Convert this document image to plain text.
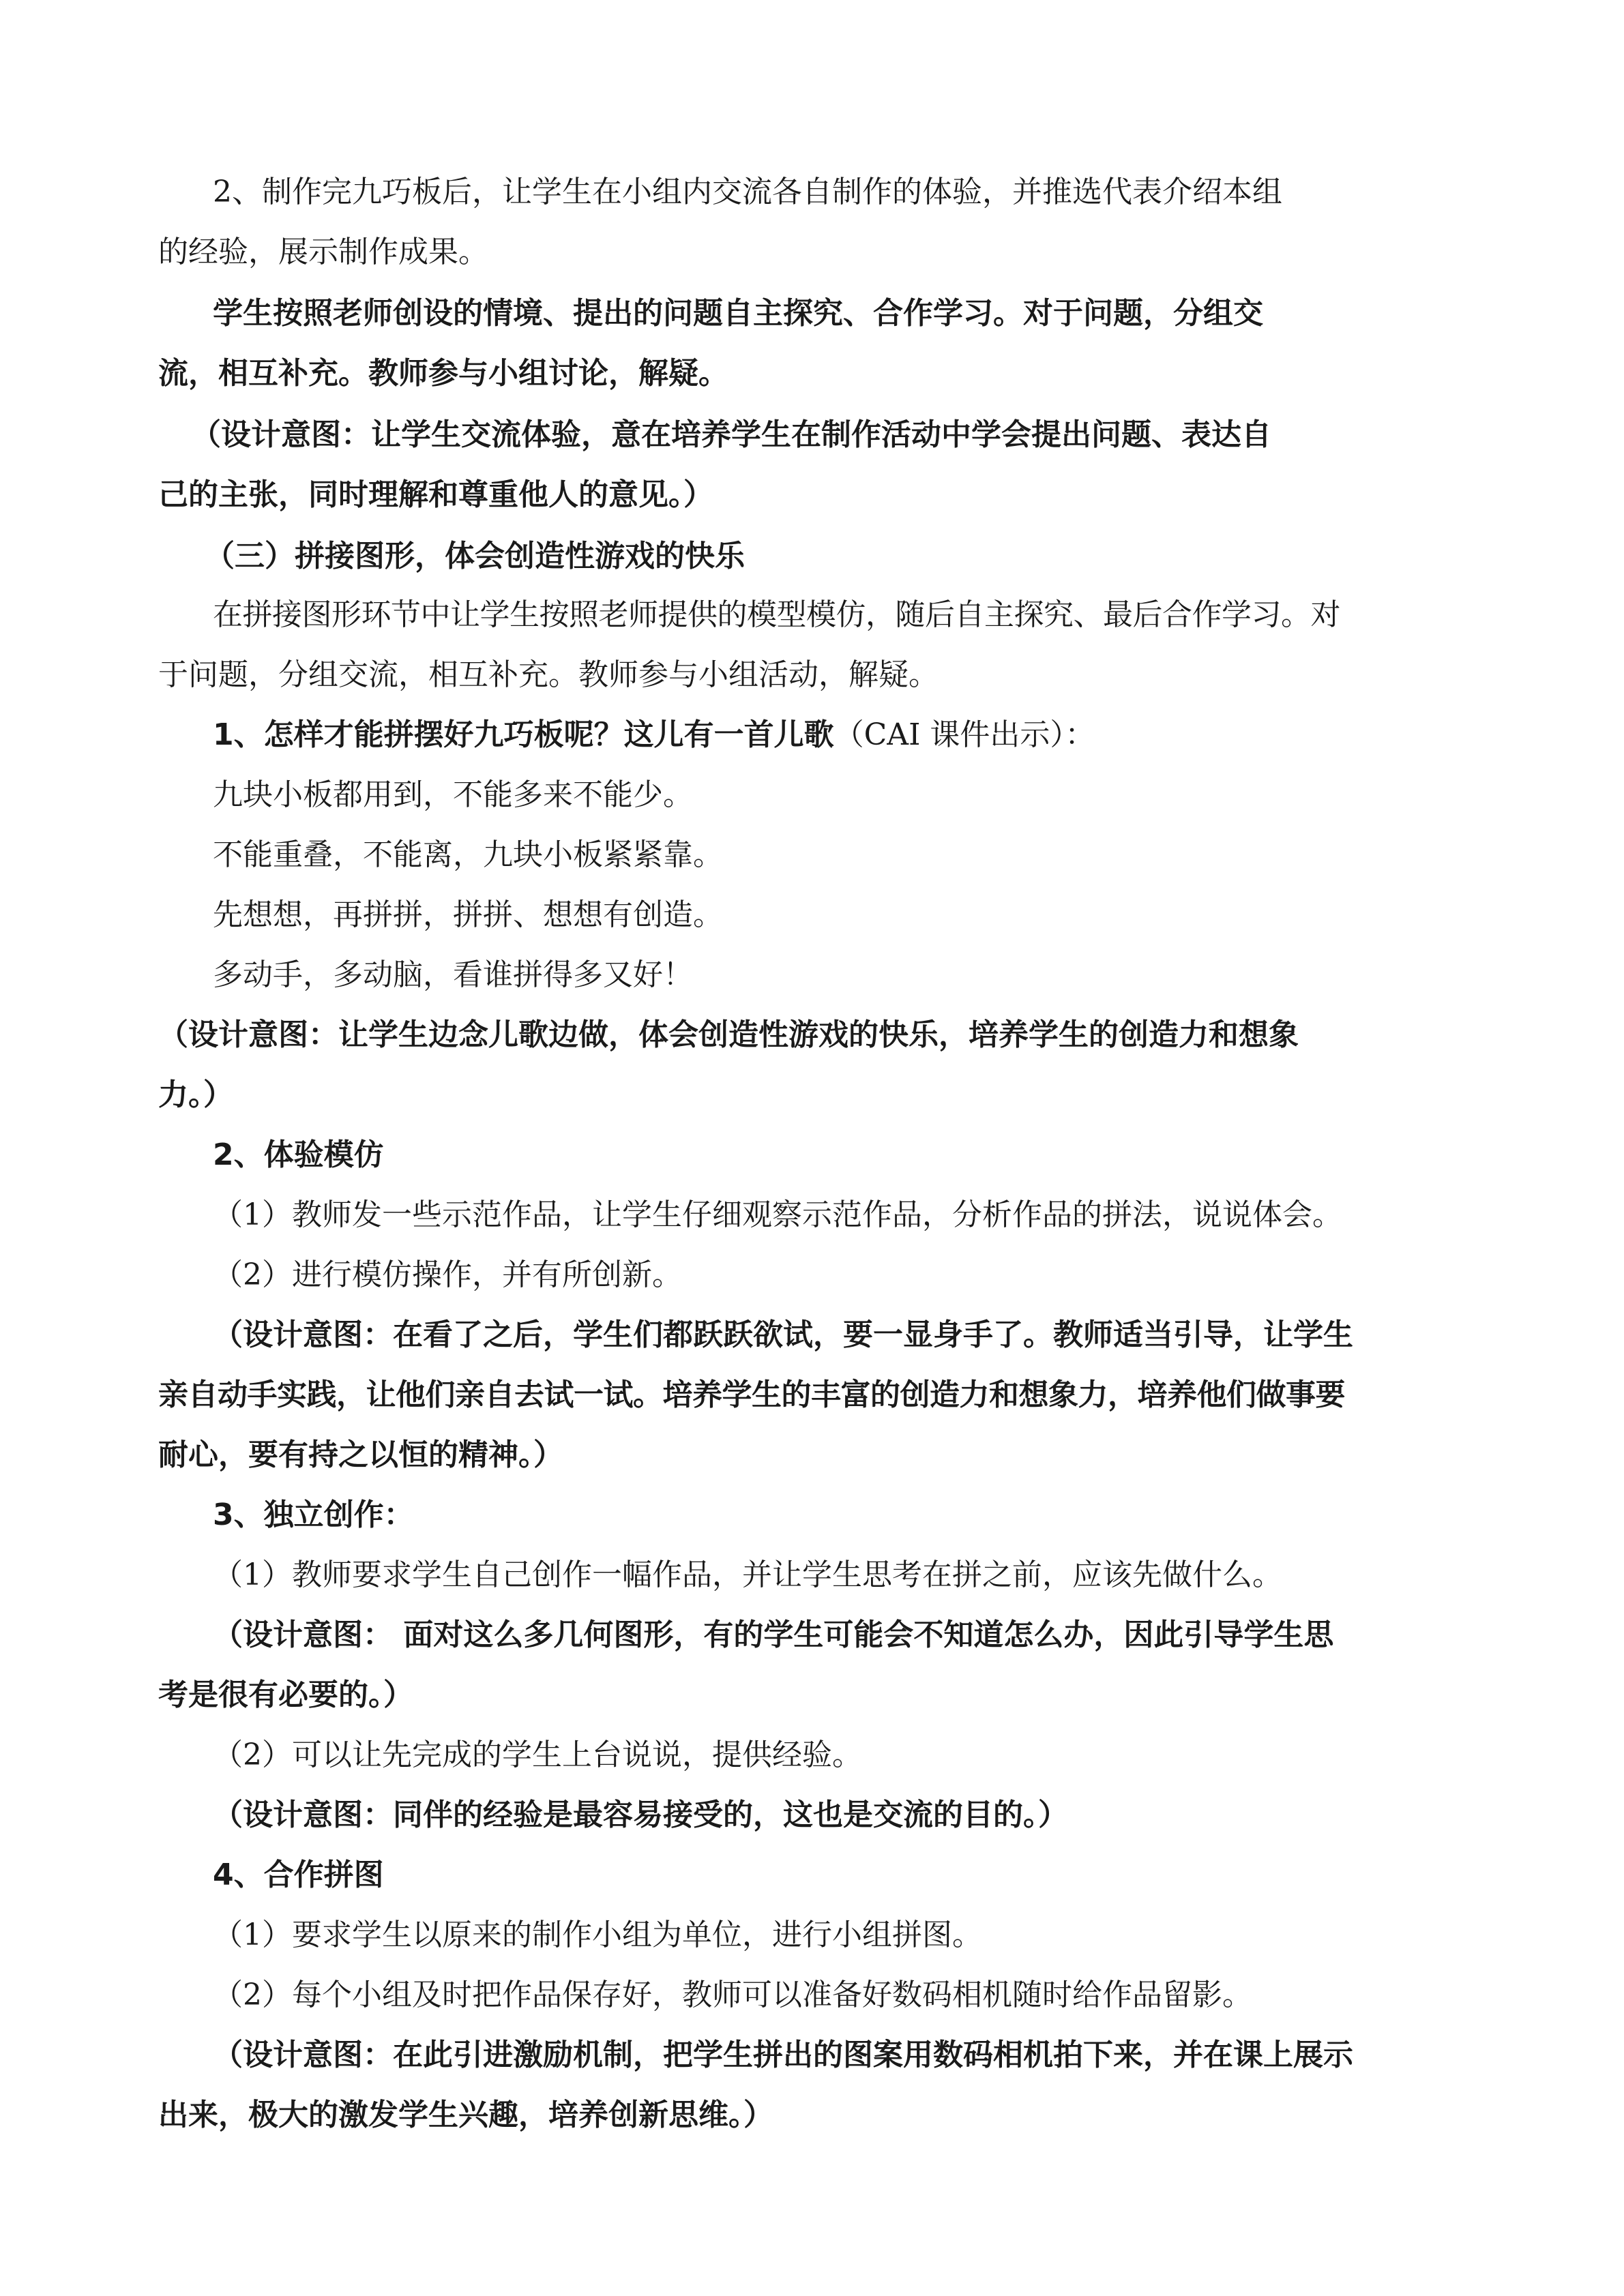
2、制作完九巧板后，让学生在小组内交流各自制作的体验，并推选代表介绍本组
的经验，展示制作成果。
学生按照老师创设的情境、提出的问题自主探究、合作学习。对于问题，分组交
流，相互补充。教师参与小组讨论，解疑。
（设计意图：让学生交流体验，意在培养学生在制作活动中学会提出问题、表达自
己的主张，同时理解和尊重他人的意见。）
（三）拼接图形，体会创造性游戏的快乐
在拼接图形环节中让学生按照老师提供的模型模仿，随后自主探究、最后合作学习。对
于问题，分组交流，相互补充。教师参与小组活动，解疑。
1、怎样才能拼摆好九巧板呢？这儿有一首儿歌（CAI 课件出示）：
九块小板都用到，不能多来不能少。
不能重叠，不能离，九块小板紧紧靠。
先想想，再拼拼，拼拼、想想有创造。
多动手，多动脑，看谁拼得多又好！
（设计意图：让学生边念儿歌边做，体会创造性游戏的快乐，培养学生的创造力和想象
力。）
2、体验模仿
（1）教师发一些示范作品，让学生仔细观察示范作品，分析作品的拼法，说说体会。
（2）进行模仿操作，并有所创新。
（设计意图：在看了之后，学生们都跃跃欲试，要一显身手了。教师适当引导，让学生
亲自动手实践，让他们亲自去试一试。培养学生的丰富的创造力和想象力，培养他们做事要
耐心，要有持之以恒的精神。）
3、独立创作：
（1）教师要求学生自己创作一幅作品，并让学生思考在拼之前，应该先做什么。
（设计意图： 面对这么多几何图形，有的学生可能会不知道怎么办，因此引导学生思
考是很有必要的。）
（2）可以让先完成的学生上台说说，提供经验。
（设计意图：同伴的经验是最容易接受的，这也是交流的目的。）
4、合作拼图
（1）要求学生以原来的制作小组为单位，进行小组拼图。
（2）每个小组及时把作品保存好，教师可以准备好数码相机随时给作品留影。
（设计意图：在此引进激励机制，把学生拼出的图案用数码相机拍下来，并在课上展示
出来，极大的激发学生兴趣，培养创新思维。）
